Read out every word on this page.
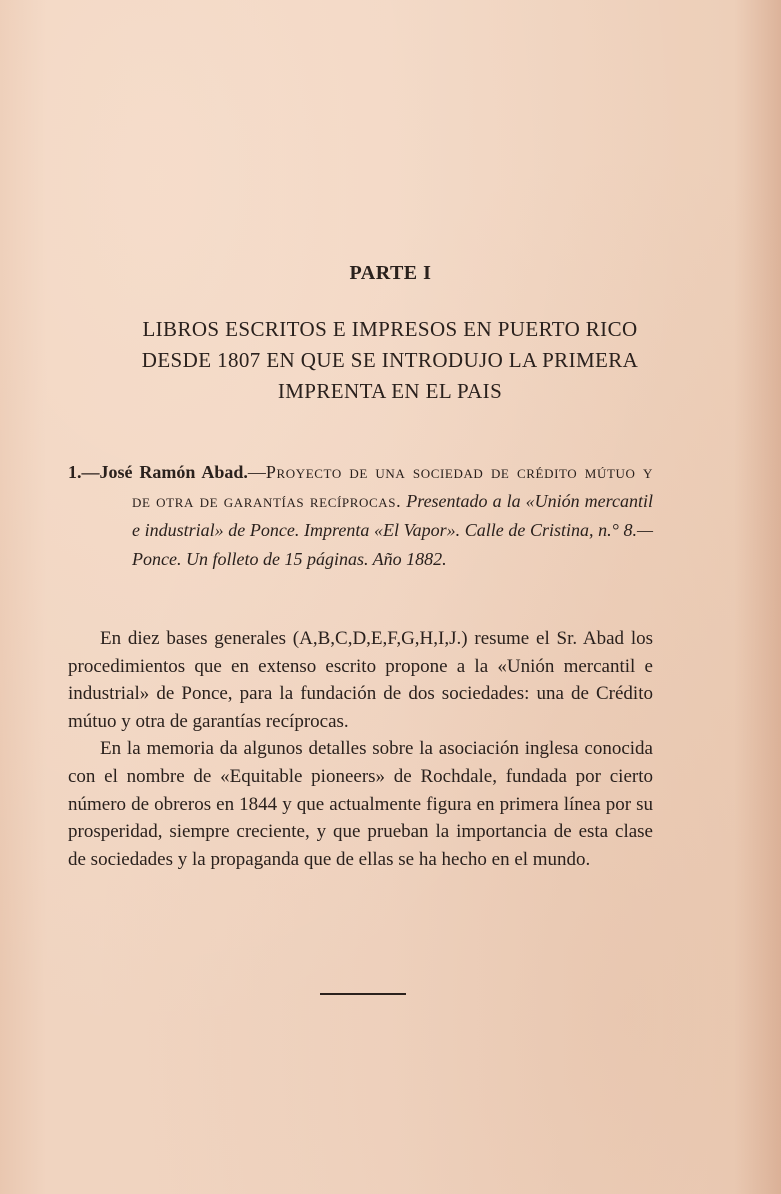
PARTE I
LIBROS ESCRITOS E IMPRESOS EN PUERTO RICO
DESDE 1807 EN QUE SE INTRODUJO LA PRIMERA
IMPRENTA EN EL PAIS
1.—José Ramón Abad.—Proyecto de una sociedad de crédito mútuo y de otra de garantías recíprocas. Presentado a la «Unión mercantil e industrial» de Ponce. Imprenta «El Vapor». Calle de Cristina, n.° 8.—Ponce. Un folleto de 15 páginas. Año 1882.

En diez bases generales (A,B,C,D,E,F,G,H,I,J.) resume el Sr. Abad los procedimientos que en extenso escrito propone a la «Unión mercantil e industrial» de Ponce, para la fundación de dos sociedades: una de Crédito mútuo y otra de garantías recíprocas.

En la memoria da algunos detalles sobre la asociación inglesa conocida con el nombre de «Equitable pioneers» de Rochdale, fundada por cierto número de obreros en 1844 y que actualmente figura en primera línea por su prosperidad, siempre creciente, y que prueban la importancia de esta clase de sociedades y la propaganda que de ellas se ha hecho en el mundo.
